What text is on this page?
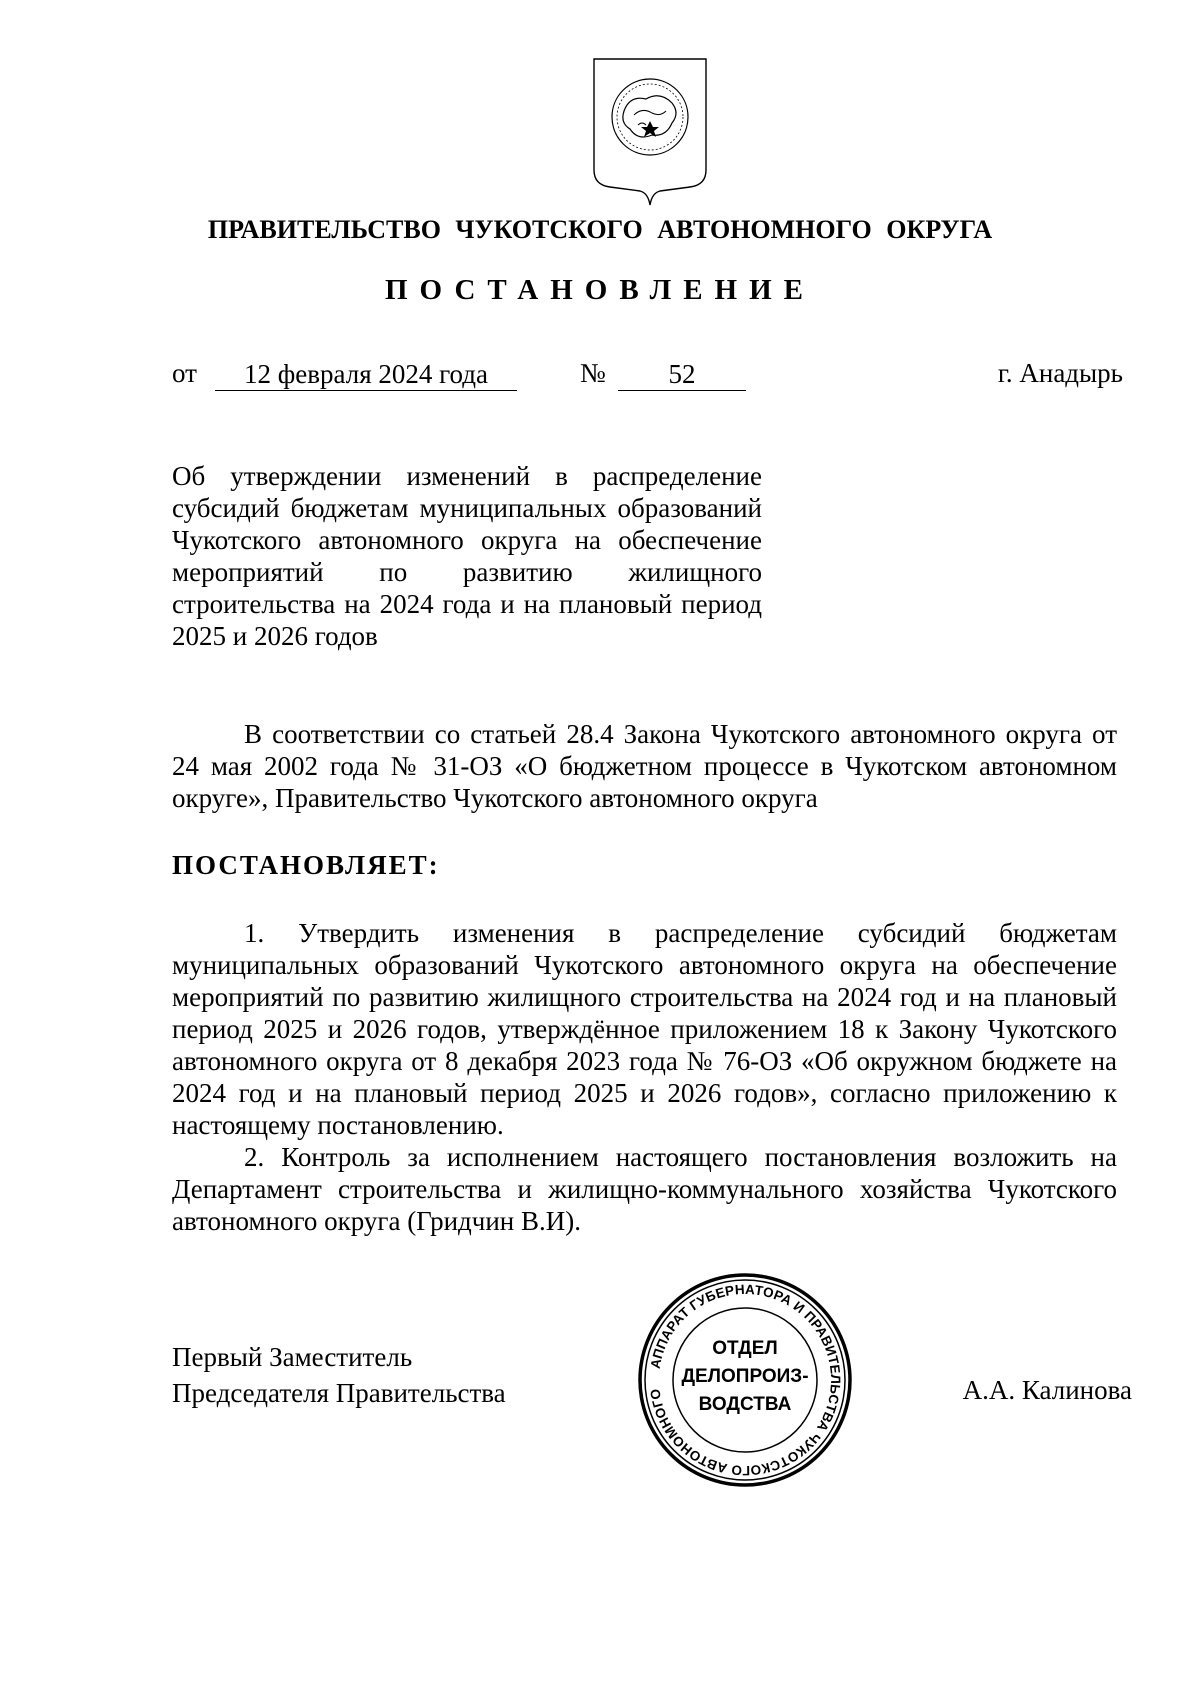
ПРАВИТЕЛЬСТВО ЧУКОТСКОГО АВТОНОМНОГО ОКРУГА
ПОСТАНОВЛЕНИЕ
от	12 февраля 2024 года	№	52	г. Анадырь
Об утверждении изменений в распределение субсидий бюджетам муниципальных образований Чукотского автономного округа на обеспечение мероприятий по развитию жилищного строительства на 2024 года и на плановый период 2025 и 2026 годов
В соответствии со статьей 28.4 Закона Чукотского автономного округа от 24 мая 2002 года № 31-ОЗ «О бюджетном процессе в Чукотском автономном округе», Правительство Чукотского автономного округа
ПОСТАНОВЛЯЕТ:

1. Утвердить изменения в распределение субсидий бюджетам муниципальных образований Чукотского автономного округа на обеспечение мероприятий по развитию жилищного строительства на 2024 год и на плановый период 2025 и 2026 годов, утверждённое приложением 18 к Закону Чукотского автономного округа от 8 декабря 2023 года № 76-ОЗ «Об окружном бюджете на 2024 год и на плановый период 2025 и 2026 годов», согласно приложению к настоящему постановлению.

2. Контроль за исполнением настоящего постановления возложить на Департамент строительства и жилищно-коммунального хозяйства Чукотского автономного округа (Гридчин В.И).

Первый Заместитель
Председателя Правительства	А.А. Калинова
АППАРАТ ГУБЕРНАТОРА И ПРАВИТЕЛЬСТВА ЧУКОТСКОГО АВТОНОМНОГО
ОТДЕЛ
ДЕЛОПРОИЗ-
ВОДСТВА
